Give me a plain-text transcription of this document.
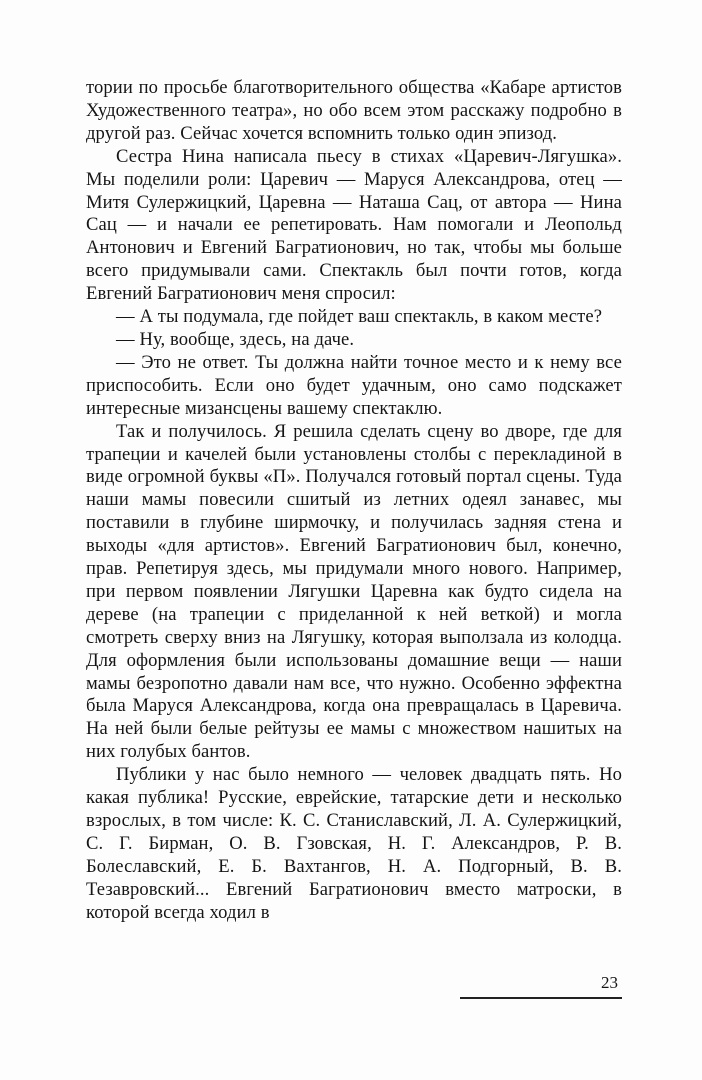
тории по просьбе благотворительного общества «Кабаре артистов Художественного театра», но обо всем этом расскажу подробно в другой раз. Сейчас хочется вспомнить только один эпизод.

Сестра Нина написала пьесу в стихах «Царевич-Лягушка». Мы поделили роли: Царевич — Маруся Александрова, отец — Митя Сулержицкий, Царевна — Наташа Сац, от автора — Нина Сац — и начали ее репетировать. Нам помогали и Леопольд Антонович и Евгений Багратионович, но так, чтобы мы больше всего придумывали сами. Спектакль был почти готов, когда Евгений Багратионович меня спросил:

— А ты подумала, где пойдет ваш спектакль, в каком месте?

— Ну, вообще, здесь, на даче.

— Это не ответ. Ты должна найти точное место и к нему все приспособить. Если оно будет удачным, оно само подскажет интересные мизансцены вашему спектаклю.

Так и получилось. Я решила сделать сцену во дворе, где для трапеции и качелей были установлены столбы с перекладиной в виде огромной буквы «П». Получался готовый портал сцены. Туда наши мамы повесили сшитый из летних одеял занавес, мы поставили в глубине ширмочку, и получилась задняя стена и выходы «для артистов». Евгений Багратионович был, конечно, прав. Репетируя здесь, мы придумали много нового. Например, при первом появлении Лягушки Царевна как будто сидела на дереве (на трапеции с приделанной к ней веткой) и могла смотреть сверху вниз на Лягушку, которая выползала из колодца. Для оформления были использованы домашние вещи — наши мамы безропотно давали нам все, что нужно. Особенно эффектна была Маруся Александрова, когда она превращалась в Царевича. На ней были белые рейтузы ее мамы с множеством нашитых на них голубых бантов.

Публики у нас было немного — человек двадцать пять. Но какая публика! Русские, еврейские, татарские дети и несколько взрослых, в том числе: К. С. Станиславский, Л. А. Сулержицкий, С. Г. Бирман, О. В. Гзовская, Н. Г. Александров, Р. В. Болеславский, Е. Б. Вахтангов, Н. А. Подгорный, В. В. Тезавровский... Евгений Багратионович вместо матроски, в которой всегда ходил в

23
